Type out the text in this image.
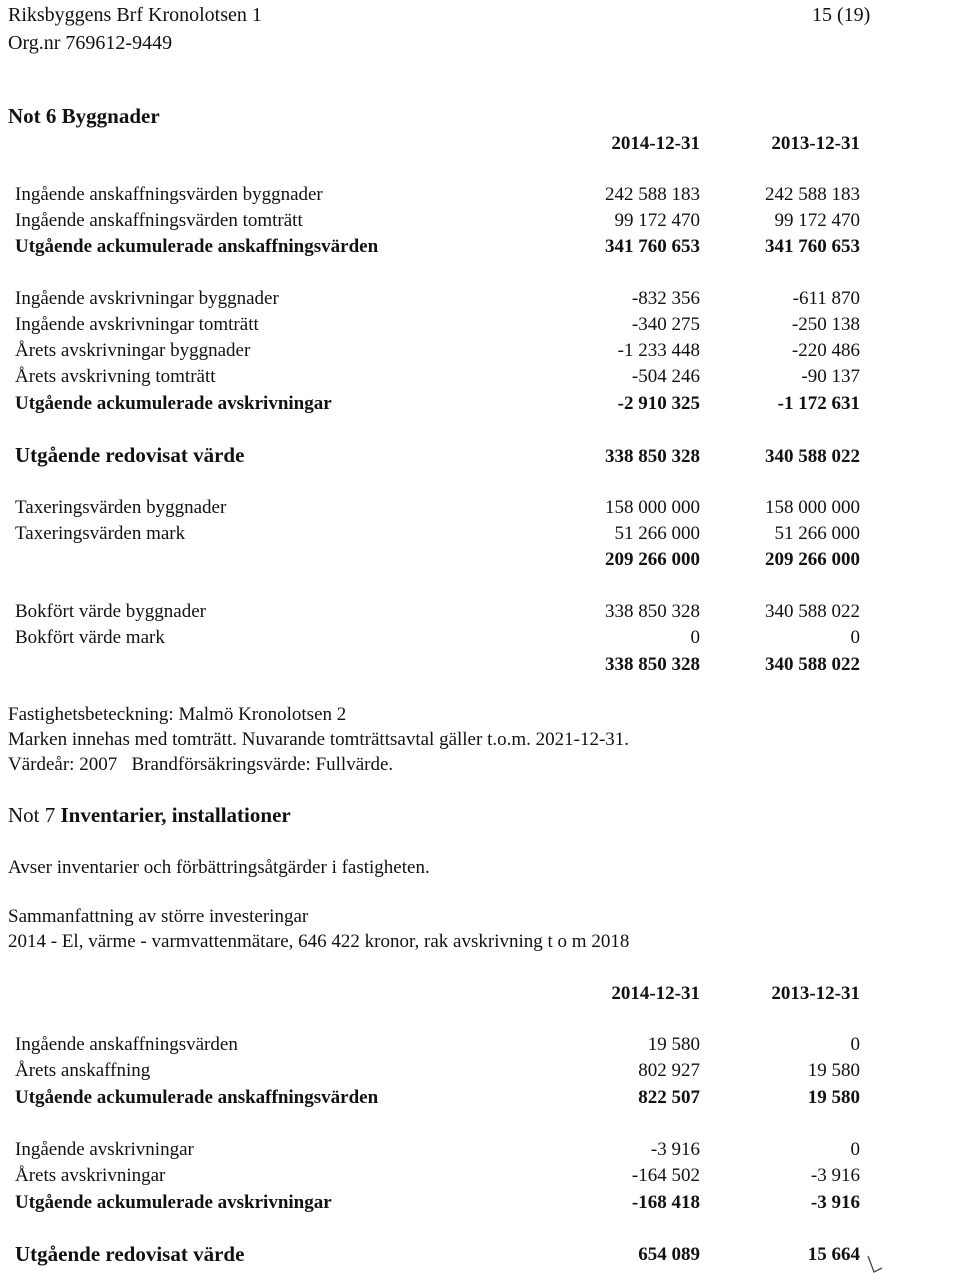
Riksbyggens Brf Kronolotsen 1
Org.nr 769612-9449
15 (19)
Not 6 Byggnader
2014-12-31	2013-12-31
Ingående anskaffningsvärden byggnader	242 588 183	242 588 183
Ingående anskaffningsvärden tomträtt	99 172 470	99 172 470
Utgående ackumulerade anskaffningsvärden	341 760 653	341 760 653
Ingående avskrivningar byggnader	-832 356	-611 870
Ingående avskrivningar tomträtt	-340 275	-250 138
Årets avskrivningar byggnader	-1 233 448	-220 486
Årets avskrivning tomträtt	-504 246	-90 137
Utgående ackumulerade avskrivningar	-2 910 325	-1 172 631
Utgående redovisat värde	338 850 328	340 588 022
Taxeringsvärden byggnader	158 000 000	158 000 000
Taxeringsvärden mark	51 266 000	51 266 000
209 266 000	209 266 000
Bokfört värde byggnader	338 850 328	340 588 022
Bokfört värde mark	0	0
338 850 328	340 588 022
Fastighetsbeteckning: Malmö Kronolotsen 2
Marken innehas med tomträtt. Nuvarande tomträttsavtal gäller t.o.m. 2021-12-31.
Värdeår: 2007   Brandförsäkringsvärde: Fullvärde.
Not 7 Inventarier, installationer
Avser inventarier och förbättringsåtgärder i fastigheten.
Sammanfattning av större investeringar
2014 - El, värme - varmvattenmätare, 646 422 kronor, rak avskrivning t o m 2018
2014-12-31	2013-12-31
Ingående anskaffningsvärden	19 580	0
Årets anskaffning	802 927	19 580
Utgående ackumulerade anskaffningsvärden	822 507	19 580
Ingående avskrivningar	-3 916	0
Årets avskrivningar	-164 502	-3 916
Utgående ackumulerade avskrivningar	-168 418	-3 916
Utgående redovisat värde	654 089	15 664
